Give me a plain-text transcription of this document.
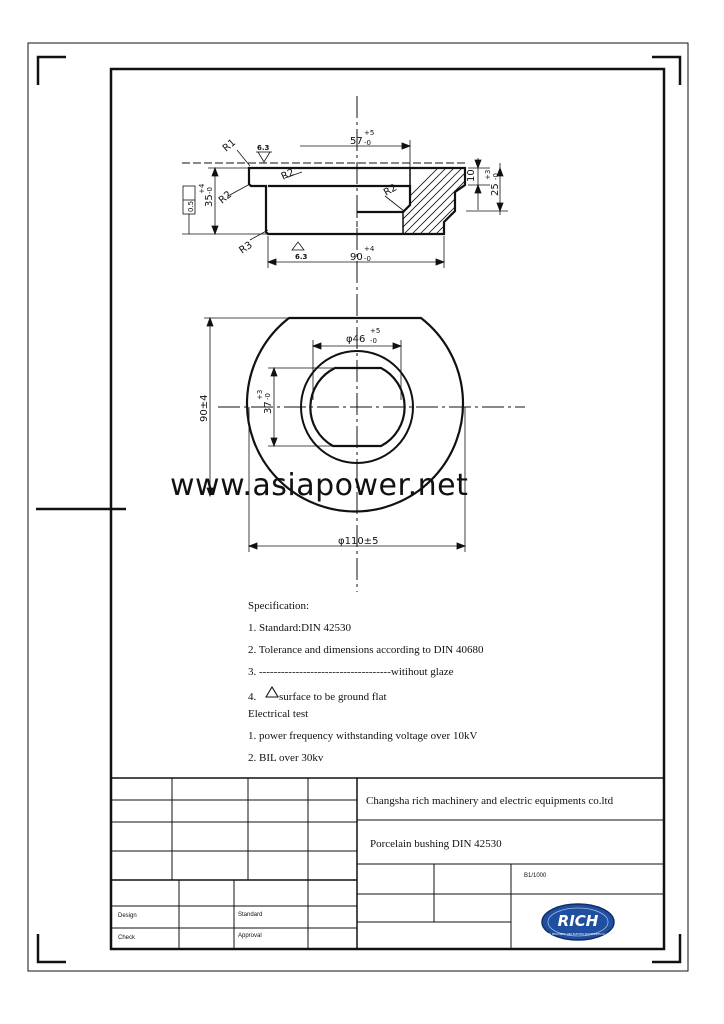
57
+5
-0
90
+4
-0
10
25
+3 -0
35
+4 -0
0.5
6.3
6.3
R1
R2
R2
R2
R3
φ46
+5
-0
37
+3 -0
90±4
φ110±5
www.asiapower.net
Specification:
1. Standard:DIN 42530
2. Tolerance and dimensions according to DIN 40680
3. ------------------------------------witihout glaze
4. surface to be ground flat
Electrical test
1. power frequency withstanding voltage over 10kV
2. BIL over 30kv
Changsha rich machinery and electric equipments co.ltd
Porcelain bushing DIN 42530
B1/1000
Design	Standard
Check	Approval
RICH
RICH MACHINERY AND ELECTRIC EQUIPMENTS CO.,LTD
